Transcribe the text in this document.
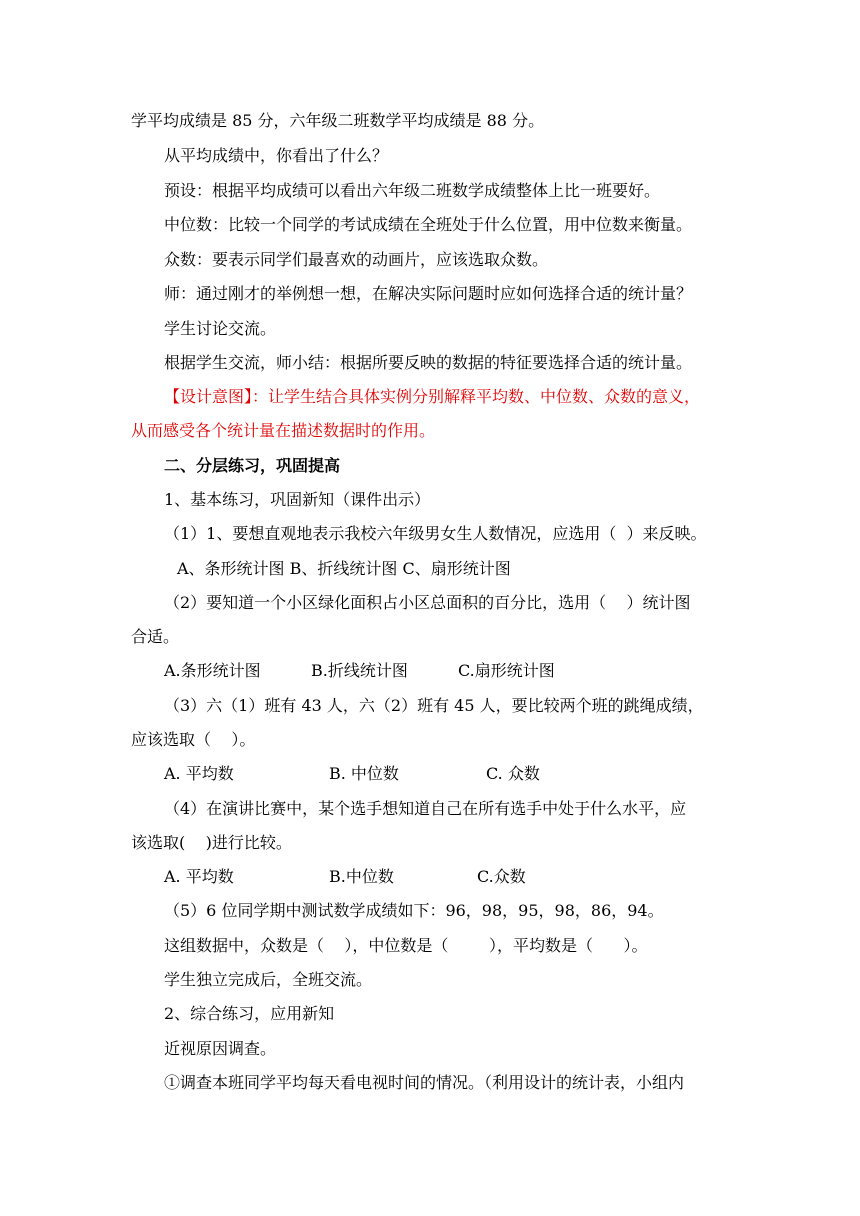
学平均成绩是 85 分，六年级二班数学平均成绩是 88 分。
从平均成绩中，你看出了什么？
预设：根据平均成绩可以看出六年级二班数学成绩整体上比一班要好。
中位数：比较一个同学的考试成绩在全班处于什么位置，用中位数来衡量。
众数：要表示同学们最喜欢的动画片，应该选取众数。
师：通过刚才的举例想一想，在解决实际问题时应如何选择合适的统计量？
学生讨论交流。
根据学生交流，师小结：根据所要反映的数据的特征要选择合适的统计量。
【设计意图】：让学生结合具体实例分别解释平均数、中位数、众数的意义，
从而感受各个统计量在描述数据时的作用。
二、分层练习，巩固提高
1、基本练习，巩固新知（课件出示）
（1）1、要想直观地表示我校六年级男女生人数情况，应选用（  ）来反映。
A、条形统计图 B、折线统计图 C、扇形统计图
（2）要知道一个小区绿化面积占小区总面积的百分比，选用（    ）统计图
合适。
A.条形统计图	B.折线统计图	C.扇形统计图
（3）六（1）班有 43 人，六（2）班有 45 人，要比较两个班的跳绳成绩，
应该选取（    ）。
A. 平均数	B. 中位数	C. 众数
（4）在演讲比赛中，某个选手想知道自己在所有选手中处于什么水平，应
该选取(    )进行比较。
A. 平均数	B.中位数	C.众数
（5）6 位同学期中测试数学成绩如下：96，98，95，98，86，94。
这组数据中，众数是（    ），中位数是（        ），平均数是（      ）。
学生独立完成后，全班交流。
2、综合练习，应用新知
近视原因调查。
①调查本班同学平均每天看电视时间的情况。（利用设计的统计表，小组内
